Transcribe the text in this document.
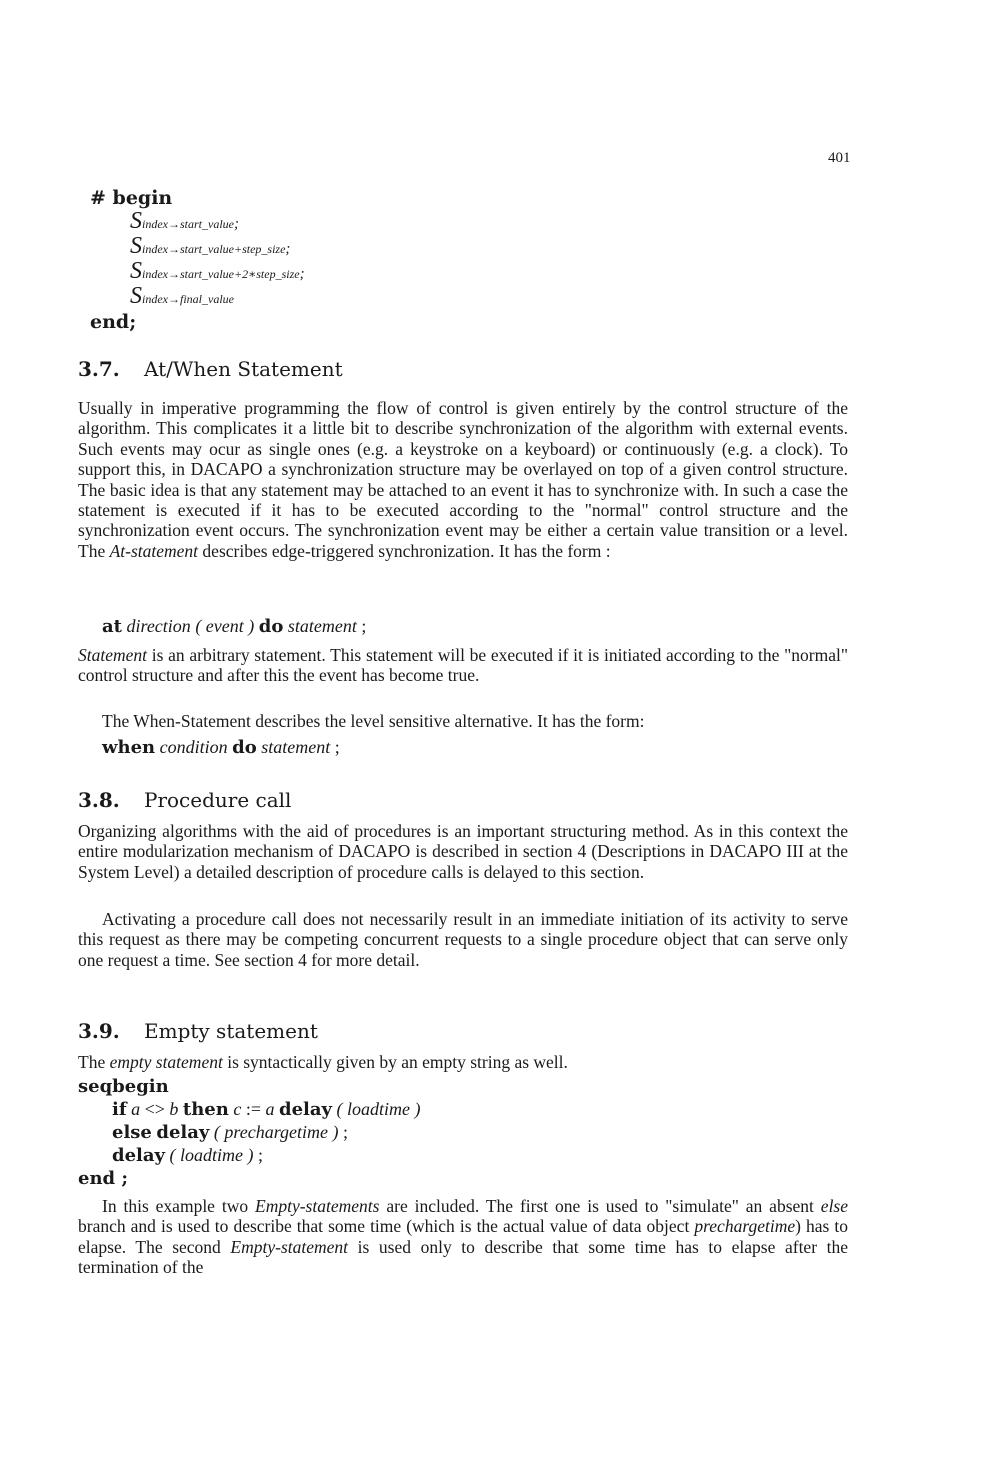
401
# begin
Sindex→start_value;
Sindex→start_value+step_size;
Sindex→start_value+2∗step_size;
Sindex→final_value
end;
3.7. At/When Statement
Usually in imperative programming the flow of control is given entirely by the control structure of the algorithm. This complicates it a little bit to describe synchronization of the algorithm with external events. Such events may ocur as single ones (e.g. a keystroke on a keyboard) or continuously (e.g. a clock). To support this, in DACAPO a synchronization structure may be overlayed on top of a given control structure. The basic idea is that any statement may be attached to an event it has to synchronize with. In such a case the statement is executed if it has to be executed according to the "normal" control structure and the synchronization event occurs. The synchronization event may be either a certain value transition or a level. The At-statement describes edge-triggered synchronization. It has the form :
at direction ( event ) do statement ;
Statement is an arbitrary statement. This statement will be executed if it is initiated according to the "normal" control structure and after this the event has become true.
The When-Statement describes the level sensitive alternative. It has the form:
when condition do statement ;
3.8. Procedure call
Organizing algorithms with the aid of procedures is an important structuring method. As in this context the entire modularization mechanism of DACAPO is described in section 4 (Descriptions in DACAPO III at the System Level) a detailed description of procedure calls is delayed to this section.
Activating a procedure call does not necessarily result in an immediate initiation of its activity to serve this request as there may be competing concurrent requests to a single procedure object that can serve only one request a time. See section 4 for more detail.
3.9. Empty statement
The empty statement is syntactically given by an empty string as well.
seqbegin
if a <> b then c := a delay ( loadtime )
else delay ( prechargetime ) ;
delay ( loadtime ) ;
end ;
In this example two Empty-statements are included. The first one is used to "simulate" an absent else branch and is used to describe that some time (which is the actual value of data object prechargetime) has to elapse. The second Empty-statement is used only to describe that some time has to elapse after the termination of the
